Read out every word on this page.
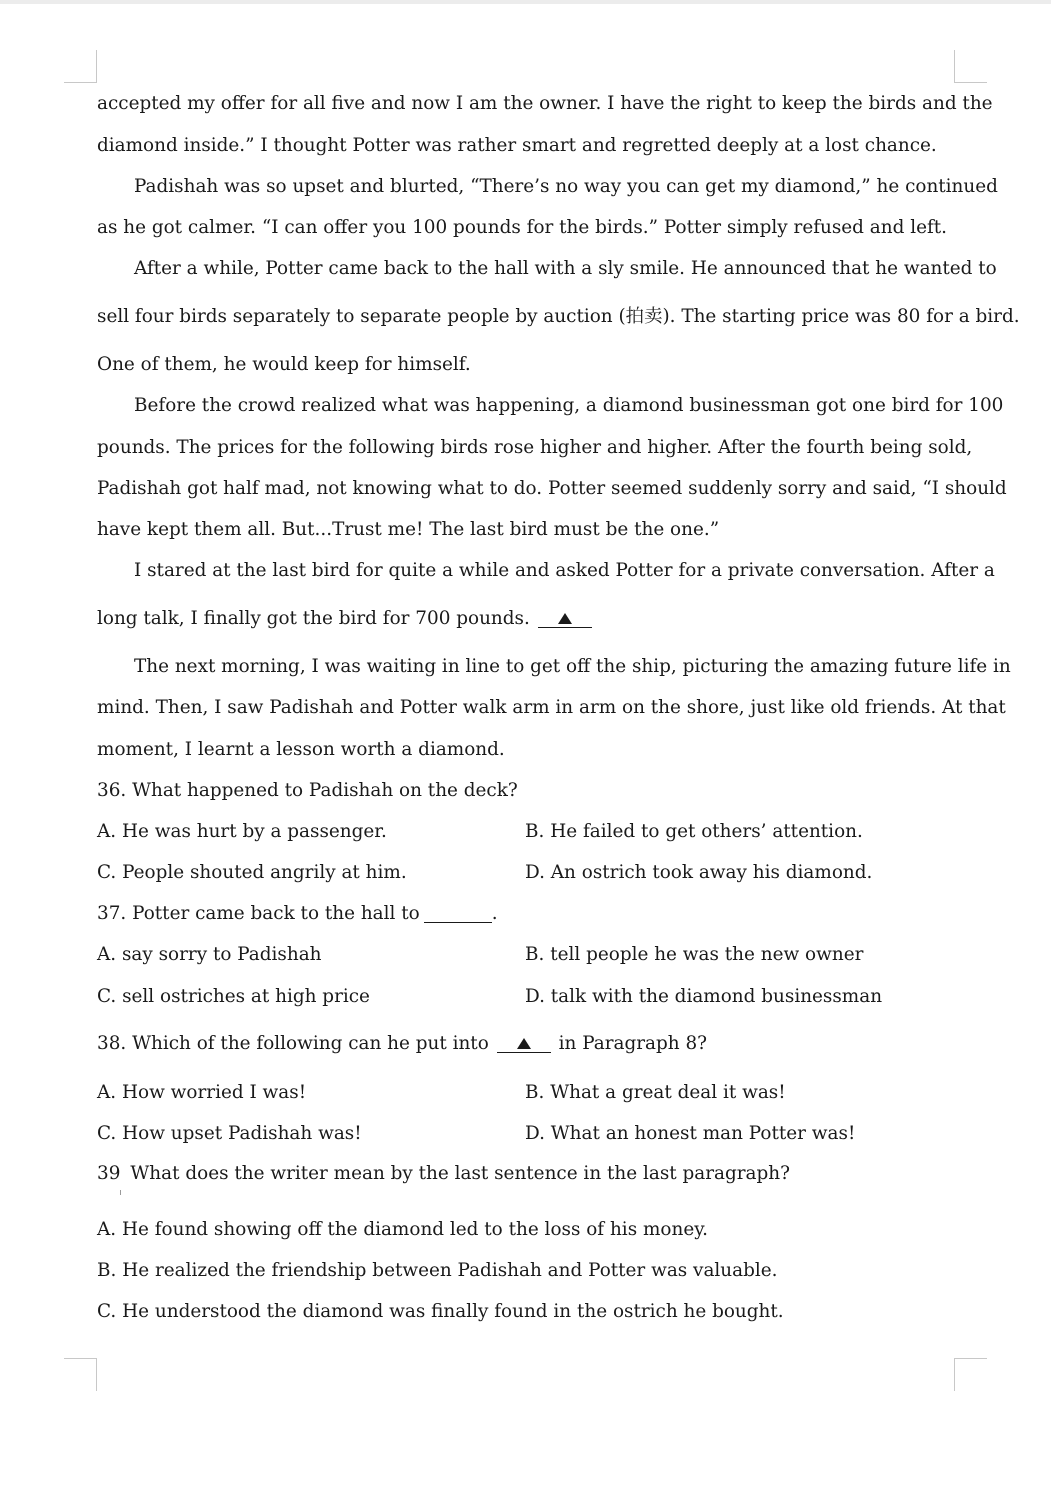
accepted my offer for all five and now I am the owner. I have the right to keep the birds and the
diamond inside.” I thought Potter was rather smart and regretted deeply at a lost chance.
Padishah was so upset and blurted, “There’s no way you can get my diamond,” he continued
as he got calmer. “I can offer you 100 pounds for the birds.” Potter simply refused and left.
After a while, Potter came back to the hall with a sly smile. He announced that he wanted to
sell four birds separately to separate people by auction (拍卖). The starting price was 80 for a bird.
One of them, he would keep for himself.
Before the crowd realized what was happening, a diamond businessman got one bird for 100
pounds. The prices for the following birds rose higher and higher. After the fourth being sold,
Padishah got half mad, not knowing what to do. Potter seemed suddenly sorry and said, “I should
have kept them all. But...Trust me! The last bird must be the one.”
I stared at the last bird for quite a while and asked Potter for a private conversation. After a
long talk, I finally got the bird for 700 pounds.
The next morning, I was waiting in line to get off the ship, picturing the amazing future life in
mind. Then, I saw Padishah and Potter walk arm in arm on the shore, just like old friends. At that
moment, I learnt a lesson worth a diamond.
36. What happened to Padishah on the deck?
A. He was hurt by a passenger.	B. He failed to get others’ attention.
C. People shouted angrily at him.	D. An ostrich took away his diamond.
37. Potter came back to the hall to	.
A. say sorry to Padishah	B. tell people he was the new owner
C. sell ostriches at high price	D. talk with the diamond businessman
38. Which of the following can he put into	in Paragraph 8?
A. How worried I was!	B. What a great deal it was!
C. How upset Padishah was!	D. What an honest man Potter was!
39 What does the writer mean by the last sentence in the last paragraph?
A. He found showing off the diamond led to the loss of his money.
B. He realized the friendship between Padishah and Potter was valuable.
C. He understood the diamond was finally found in the ostrich he bought.
